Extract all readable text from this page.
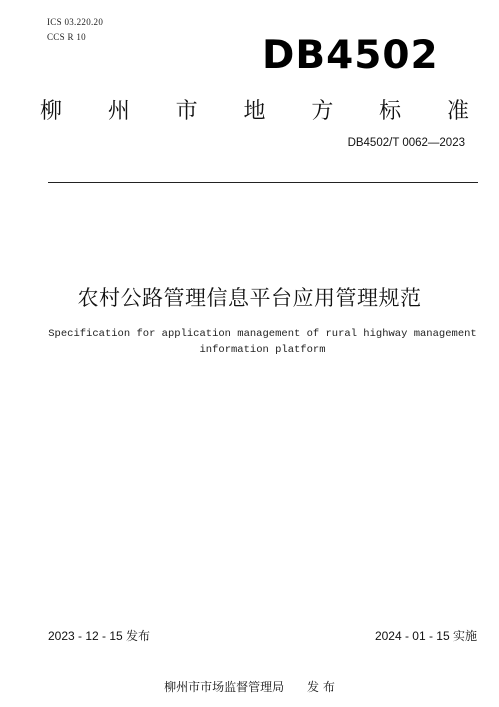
ICS 03.220.20
CCS R 10	DB4502
柳 州 市 地 方 标 准
DB4502/T 0062—2023
农村公路管理信息平台应用管理规范
Specification for application management of rural highway management
information platform
2023 - 12 - 15 发布	2024 - 01 - 15 实施
柳州市市场监督管理局      发 布
